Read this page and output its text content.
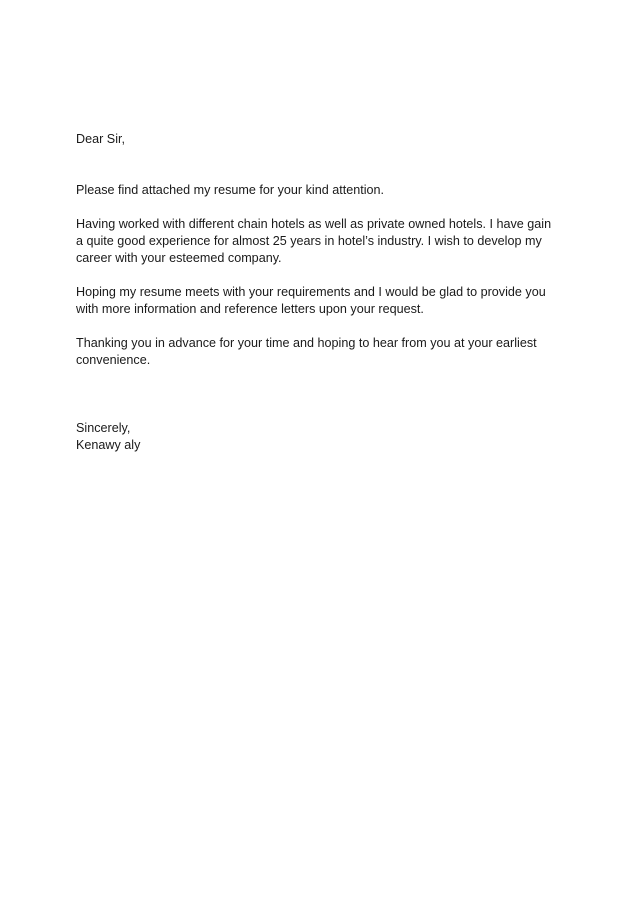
Dear Sir,

Please find attached my resume for your kind attention.

Having worked with different chain hotels as well as private owned hotels. I have gain
a quite good experience for almost 25 years in hotel’s industry. I wish to develop my
career with your esteemed company.

Hoping my resume meets with your requirements and I would be glad to provide you
with more information and reference letters upon your request.

Thanking you in advance for your time and hoping to hear from you at your earliest
convenience.

Sincerely,

Kenawy aly
